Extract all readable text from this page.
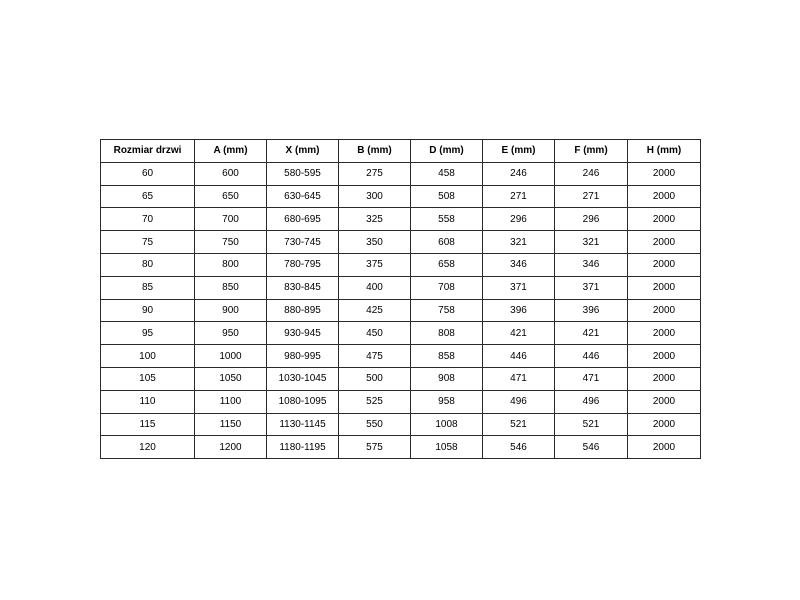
Rozmiar drzwi	A (mm)	X (mm)	B (mm)	D (mm)	E (mm)	F (mm)	H (mm)
60	600	580-595	275	458	246	246	2000
65	650	630-645	300	508	271	271	2000
70	700	680-695	325	558	296	296	2000
75	750	730-745	350	608	321	321	2000
80	800	780-795	375	658	346	346	2000
85	850	830-845	400	708	371	371	2000
90	900	880-895	425	758	396	396	2000
95	950	930-945	450	808	421	421	2000
100	1000	980-995	475	858	446	446	2000
105	1050	1030-1045	500	908	471	471	2000
110	1100	1080-1095	525	958	496	496	2000
115	1150	1130-1145	550	1008	521	521	2000
120	1200	1180-1195	575	1058	546	546	2000
